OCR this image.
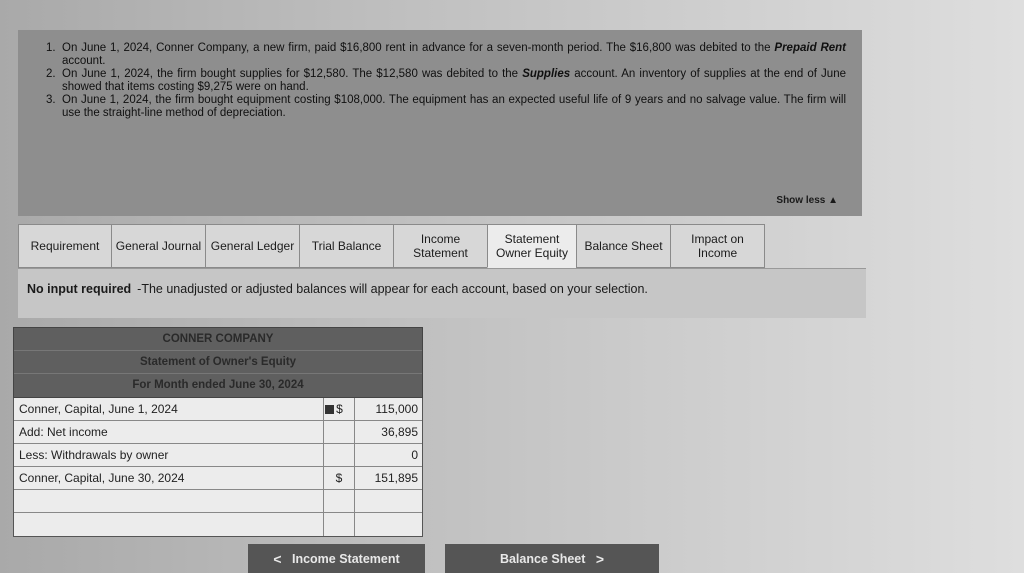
1. On June 1, 2024, Conner Company, a new firm, paid $16,800 rent in advance for a seven-month period. The $16,800 was debited to the Prepaid Rent account.
2. On June 1, 2024, the firm bought supplies for $12,580. The $12,580 was debited to the Supplies account. An inventory of supplies at the end of June showed that items costing $9,275 were on hand.
3. On June 1, 2024, the firm bought equipment costing $108,000. The equipment has an expected useful life of 9 years and no salvage value. The firm will use the straight-line method of depreciation.
Show less ▲
Requirement	General Journal General Ledger	Trial Balance	Income Statement
Statement Owner Equity	Balance Sheet	Impact on Income
No input required -The unadjusted or adjusted balances will appear for each account, based on your selection.
CONNER COMPANY
Statement of Owner's Equity
For Month ended June 30, 2024
Conner, Capital, June 1, 2024	$	115,000
Add: Net income	36,895
Less: Withdrawals by owner	0
Conner, Capital, June 30, 2024	$	151,895
<
Income Statement	Balance Sheet
>
